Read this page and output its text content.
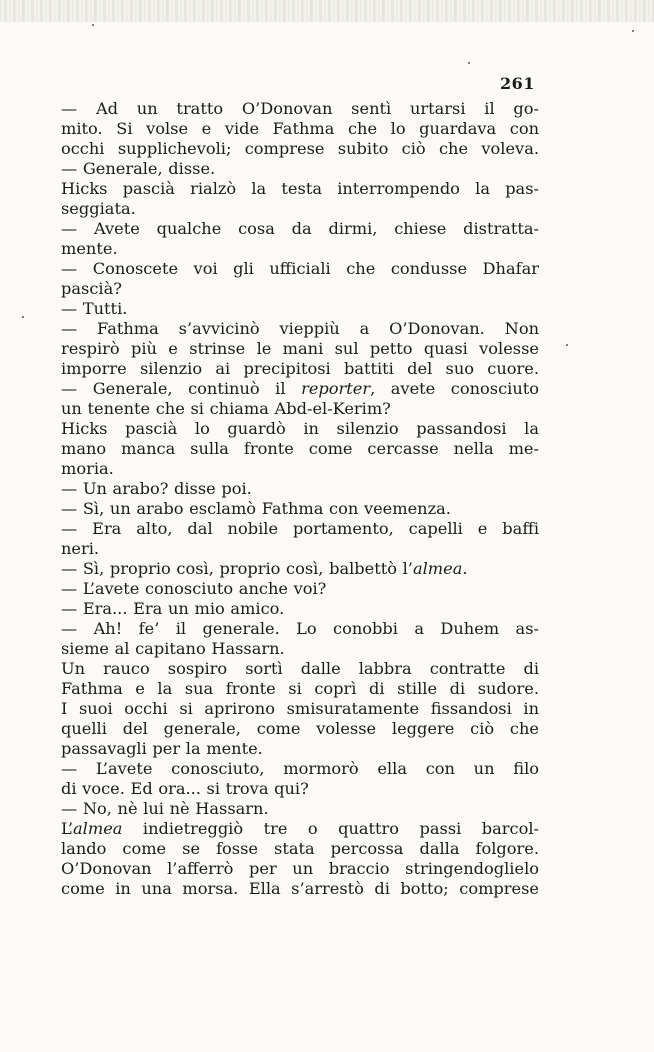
261
— Ad un tratto O’Donovan sentì urtarsi il go-
mito. Si volse e vide Fathma che lo guardava con
occhi supplichevoli; comprese subito ciò che voleva.
— Generale, disse.
Hicks pascià rialzò la testa interrompendo la pas-
seggiata.
— Avete qualche cosa da dirmi, chiese distratta-
mente.
— Conoscete voi gli ufficiali che condusse Dhafar
pascià?
— Tutti.
— Fathma s’avvicinò vieppiù a O’Donovan. Non
respirò più e strinse le mani sul petto quasi volesse
imporre silenzio ai precipitosi battiti del suo cuore.
— Generale, continuò il reporter, avete conosciuto
un tenente che si chiama Abd-el-Kerim?
Hicks pascià lo guardò in silenzio passandosi la
mano manca sulla fronte come cercasse nella me-
moria.
— Un arabo? disse poi.
— Sì, un arabo esclamò Fathma con veemenza.
— Era alto, dal nobile portamento, capelli e baffi
neri.
— Sì, proprio così, proprio così, balbettò l’almea.
— L’avete conosciuto anche voi?
— Era... Era un mio amico.
— Ah! fe’ il generale. Lo conobbi a Duhem as-
sieme al capitano Hassarn.
Un rauco sospiro sortì dalle labbra contratte di
Fathma e la sua fronte si coprì di stille di sudore.
I suoi occhi si aprirono smisuratamente fissandosi in
quelli del generale, come volesse leggere ciò che
passavagli per la mente.
— L’avete conosciuto, mormorò ella con un filo
di voce. Ed ora... si trova qui?
— No, nè lui nè Hassarn.
L’almea indietreggiò tre o quattro passi barcol-
lando come se fosse stata percossa dalla folgore.
O’Donovan l’afferrò per un braccio stringendoglielo
come in una morsa. Ella s’arrestò di botto; comprese
